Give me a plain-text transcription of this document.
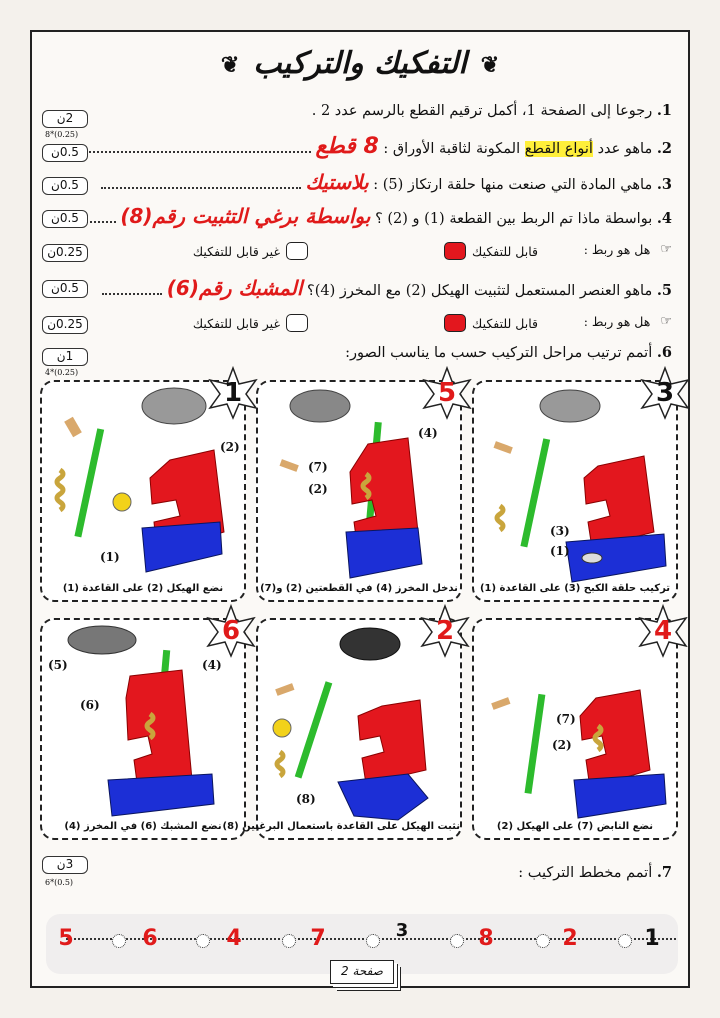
❦ التفكيك والتركيب ❦
1. رجوعا إلى الصفحة 1، أكمل ترقيم القطع بالرسم عدد 2 .
2ن
8*(0.25)
2. ماهو عدد أنواع القطع المكونة لثاقبة الأوراق : 8 قطع
0.5ن
3. ماهي المادة التي صنعت منها حلقة ارتكاز (5) : بلاستيك
0.5ن
4. بواسطة ماذا تم الربط بين القطعة (1) و (2) ؟ بواسطة برغي التثبيت رقم(8)
0.5ن
☞
هل هو ربط :
قابل للتفكيك
غير قابل للتفكيك
0.25ن
5. ماهو العنصر المستعمل لتثبيت الهيكل (2) مع المخرز (4)؟ المشبك رقم(6)
0.5ن
☞
هل هو ربط :
قابل للتفكيك
غير قابل للتفكيك
0.25ن
6. أتمم ترتيب مراحل التركيب حسب ما يناسب الصور:
1ن
4*(0.25)
(2)
(1)
نضع الهيكل (2) على القاعدة (1)
(4)
(7)
(2)
ندخل المخرز (4) في القطعتين (2) و(7)
(3)
(1)
تركيب حلقة الكبح (3) على القاعدة (1)
(5)	(4)
(6)
نضع المشبك (6) في المخرز (4)
(8)
نثبت الهيكل على القاعدة باستعمال البرغيين (8)
(7)
(2)
نضع النابض (7) على الهيكل (2)
1	5	3
6	2	4
7. أتمم مخطط التركيب :
3ن
6*(0.5)
1
2
8
3
7
4
6
5
صفحة 2
